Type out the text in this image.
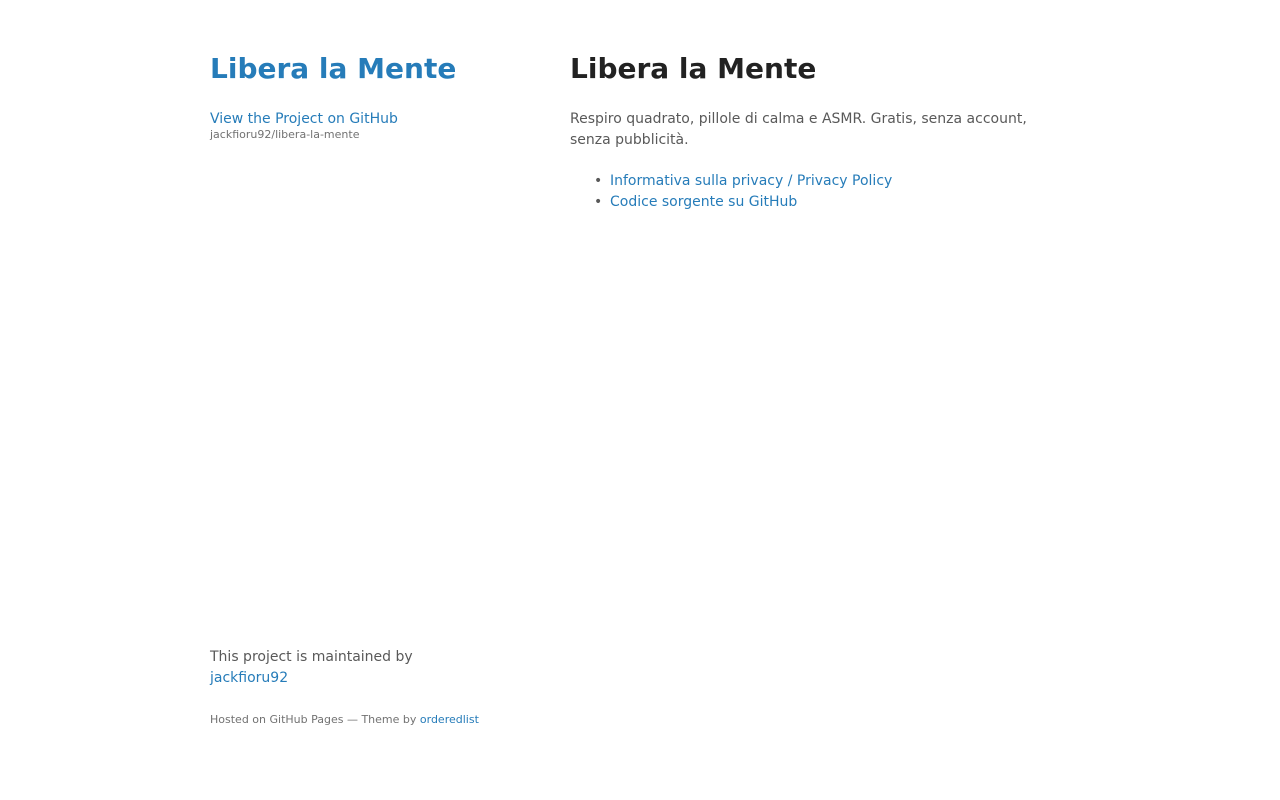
Libera la Mente
View the Project on GitHub
jackfioru92/libera-la-mente
Libera la Mente

Respiro quadrato, pillole di calma e ASMR. Gratis, senza account, senza pubblicità.

• Informativa sulla privacy / Privacy Policy
• Codice sorgente su GitHub

This project is maintained by

jackfioru92
Hosted on GitHub Pages — Theme by orderedlist
